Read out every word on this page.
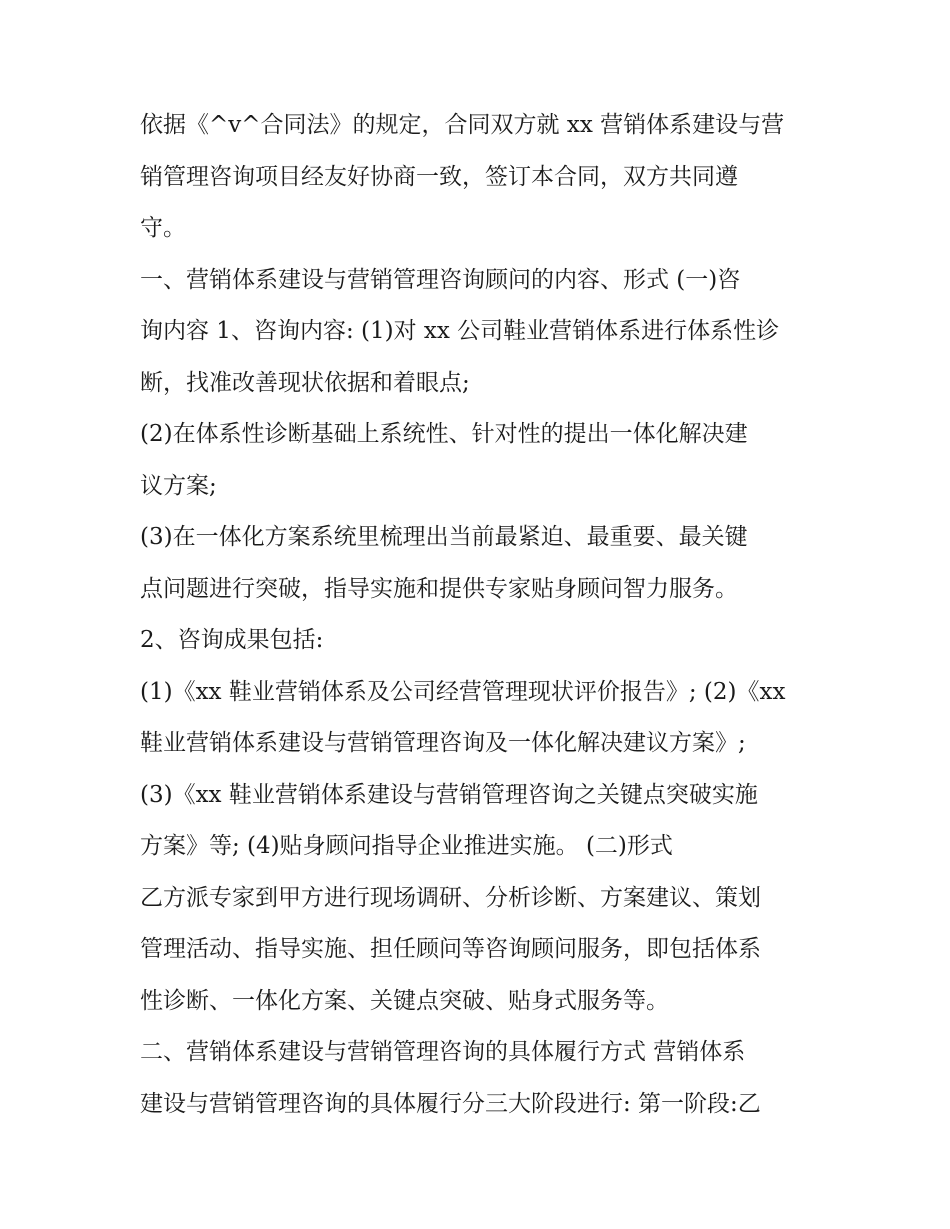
依据《^v^合同法》的规定，合同双方就 xx 营销体系建设与营
销管理咨询项目经友好协商一致，签订本合同，双方共同遵
守。
一、营销体系建设与营销管理咨询顾问的内容、形式 (一)咨
询内容 1、咨询内容: (1)对 xx 公司鞋业营销体系进行体系性诊
断，找准改善现状依据和着眼点;
(2)在体系性诊断基础上系统性、针对性的提出一体化解决建
议方案;
(3)在一体化方案系统里梳理出当前最紧迫、最重要、最关键
点问题进行突破，指导实施和提供专家贴身顾问智力服务。
2、咨询成果包括:
(1)《xx 鞋业营销体系及公司经营管理现状评价报告》; (2)《xx
鞋业营销体系建设与营销管理咨询及一体化解决建议方案》;
(3)《xx 鞋业营销体系建设与营销管理咨询之关键点突破实施
方案》等; (4)贴身顾问指导企业推进实施。 (二)形式
乙方派专家到甲方进行现场调研、分析诊断、方案建议、策划
管理活动、指导实施、担任顾问等咨询顾问服务，即包括体系
性诊断、一体化方案、关键点突破、贴身式服务等。
二、营销体系建设与营销管理咨询的具体履行方式 营销体系
建设与营销管理咨询的具体履行分三大阶段进行: 第一阶段:乙
